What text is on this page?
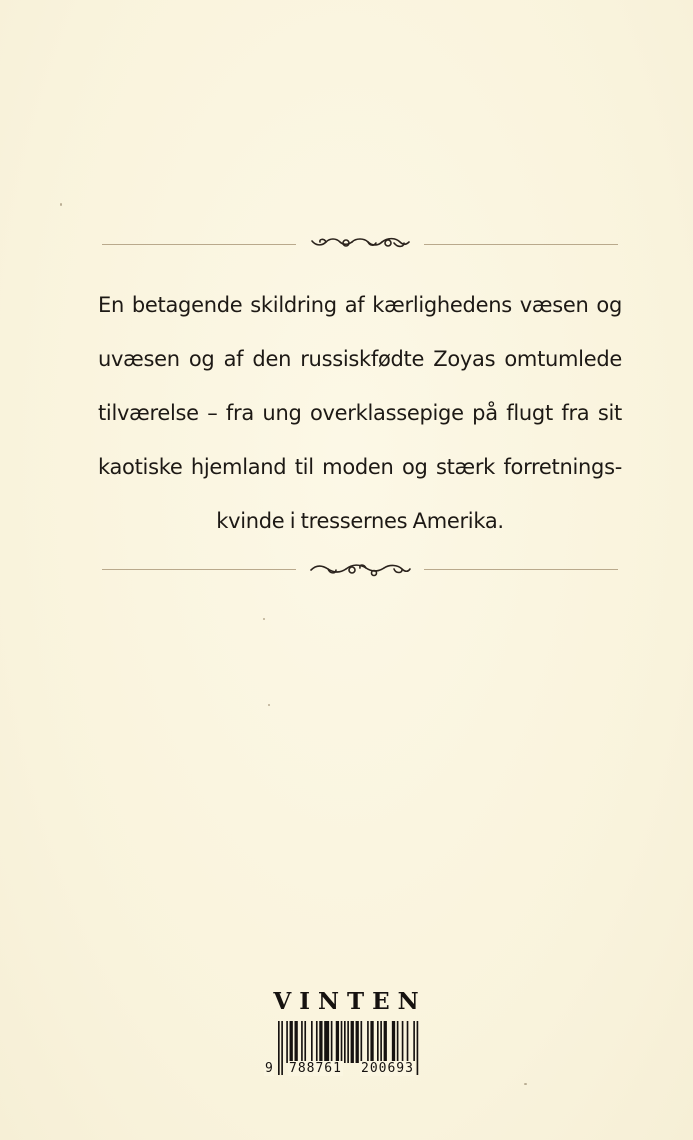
En betagende skildring af kærlighedens væsen og
uvæsen og af den russiskfødte Zoyas omtumlede
tilværelse – fra ung overklassepige på flugt fra sit
kaotiske hjemland til moden og stærk forretnings-
kvinde i tressernes Amerika.

VINTEN
9 788761 200693
